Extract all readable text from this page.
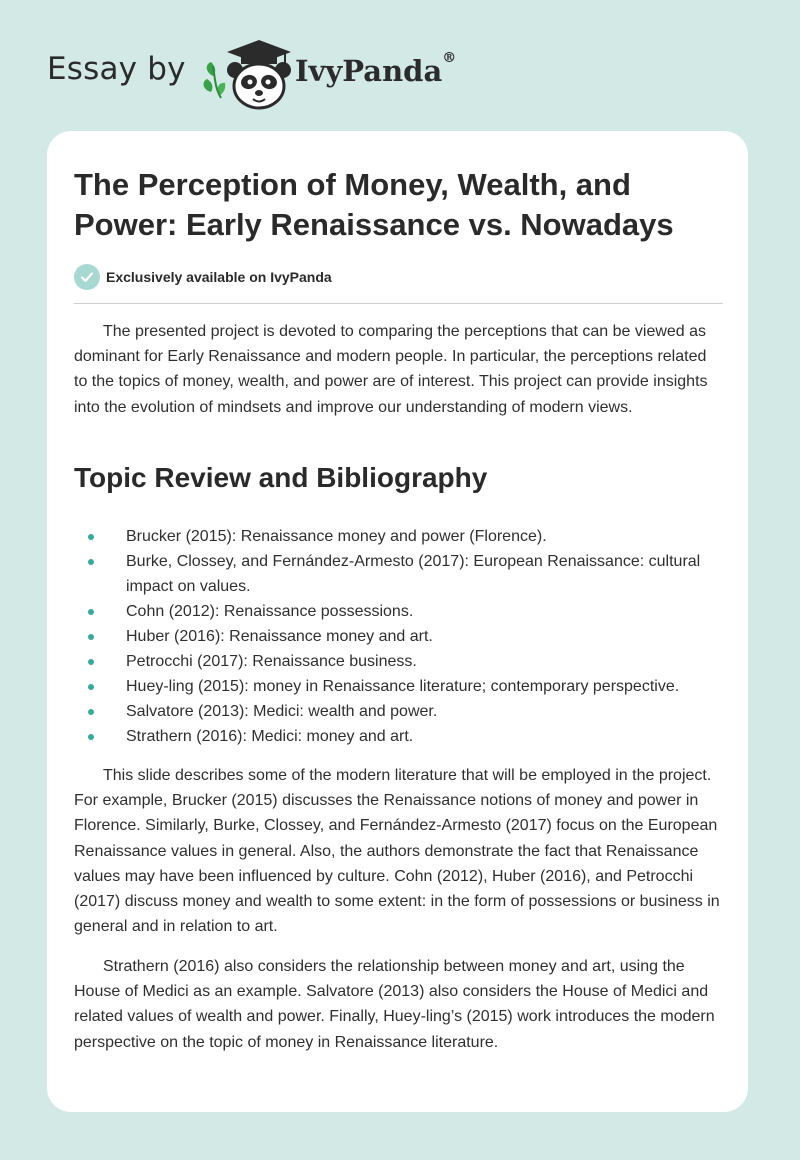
Essay by	IvyPanda®
The Perception of Money, Wealth, and Power: Early Renaissance vs. Nowadays
Exclusively available on IvyPanda

The presented project is devoted to comparing the perceptions that can be viewed as dominant for Early Renaissance and modern people. In particular, the perceptions related to the topics of money, wealth, and power are of interest. This project can provide insights into the evolution of mindsets and improve our understanding of modern views.

Topic Review and Bibliography
Brucker (2015): Renaissance money and power (Florence).
Burke, Clossey, and Fernández-Armesto (2017): European Renaissance: cultural impact on values.
Cohn (2012): Renaissance possessions.
Huber (2016): Renaissance money and art.
Petrocchi (2017): Renaissance business.
Huey-ling (2015): money in Renaissance literature; contemporary perspective.
Salvatore (2013): Medici: wealth and power.
Strathern (2016): Medici: money and art.

This slide describes some of the modern literature that will be employed in the project. For example, Brucker (2015) discusses the Renaissance notions of money and power in Florence. Similarly, Burke, Clossey, and Fernández-Armesto (2017) focus on the European Renaissance values in general. Also, the authors demonstrate the fact that Renaissance values may have been influenced by culture. Cohn (2012), Huber (2016), and Petrocchi (2017) discuss money and wealth to some extent: in the form of possessions or business in general and in relation to art.

Strathern (2016) also considers the relationship between money and art, using the House of Medici as an example. Salvatore (2013) also considers the House of Medici and related values of wealth and power. Finally, Huey-ling’s (2015) work introduces the modern perspective on the topic of money in Renaissance literature.
